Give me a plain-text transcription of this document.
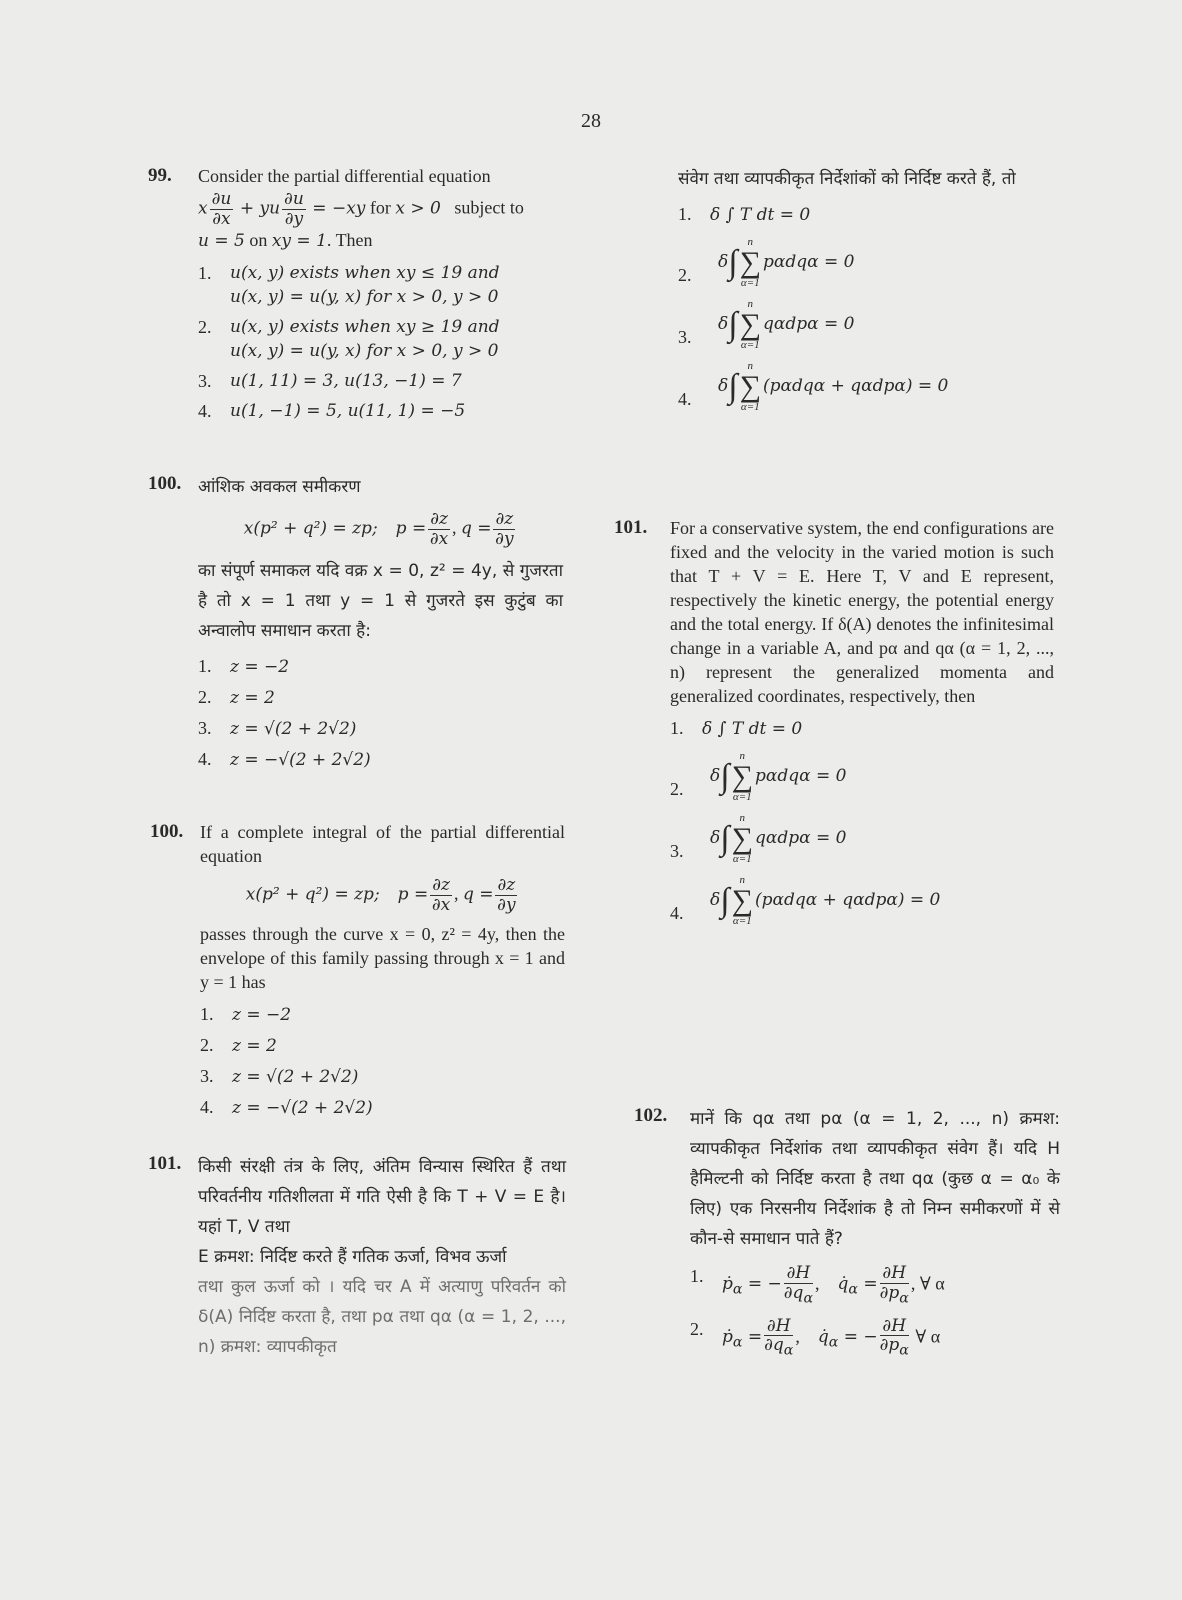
28
99. Consider the partial differential equation
x $\frac{\partial u}{\partial x}$ + yu $\frac{\partial u}{\partial y} = -xy$ for x > 0 subject to
u = 5 on xy = 1. Then
1. u(x, y) exists when xy ≤ 19 and
u(x, y) = u(y, x) for x > 0, y > 0
2. u(x, y) exists when xy ≥ 19 and
u(x, y) = u(y, x) for x > 0, y > 0
3. u(1, 11) = 3, u(13, −1) = 7
4. u(1, −1) = 5, u(11, 1) = −5
100. आंशिक अवकल समीकरण
x(p² + q²) = zp; $p = \frac{\partial z}{\partial x}$ , $q = \frac{\partial z}{\partial y}$
का संपूर्ण समाकल यदि वक्र x = 0, z² = 4y, से गुजरता है तो x = 1 तथा y = 1 से गुजरते इस कुटुंब का अन्वालोप समाधान करता है:
1. z = −2
2. z = 2
3. z = √(2 + 2√2)
4. z = −√(2 + 2√2)
100. If a complete integral of the partial differential equation
x(p² + q²) = zp; $p = \frac{\partial z}{\partial x}$ , $q = \frac{\partial z}{\partial y}$
passes through the curve x = 0, z² = 4y, then the envelope of this family passing through x = 1 and y = 1 has
1. z = −2
2. z = 2
3. z = √(2 + 2√2)
4. z = −√(2 + 2√2)
101. किसी संरक्षी तंत्र के लिए, अंतिम विन्यास स्थिरित हैं तथा परिवर्तनीय गतिशीलता में गति ऐसी है कि T + V = E है। यहां T, V तथा
E क्रमश: निर्दिष्ट करते हैं गतिक ऊर्जा, विभव ऊर्जा
तथा कुल ऊर्जा को । यदि चर A में अत्याणु परिवर्तन को δ(A) निर्दिष्ट करता है, तथा pα तथा qα (α = 1, 2, ..., n) क्रमश: व्यापकीकृत
संवेग तथा व्यापकीकृत निर्देशांकों को निर्दिष्ट करते हैं, तो
1. δ ∫ T dt = 0
2.
δ∫
n
∑
α=1
pαdqα = 0
3.
δ∫
n
∑
α=1
qαdpα = 0
4.
δ∫
n
∑
α=1
(pαdqα + qαdpα) = 0
101. For a conservative system, the end configurations are fixed and the velocity in the varied motion is such that T + V = E. Here T, V and E represent, respectively the kinetic energy, the potential energy and the total energy. If δ(A) denotes the infinitesimal change in a variable A, and pα and qα (α = 1, 2, ..., n) represent the generalized momenta and generalized coordinates, respectively, then
1. δ ∫ T dt = 0
2.
δ∫
n
∑
α=1
pαdqα = 0
3.
δ∫
n
∑
α=1
qαdpα = 0
4.
δ∫
n
∑
α=1
(pαdqα + qαdpα) = 0
102. मानें कि qα तथा pα (α = 1, 2, ..., n) क्रमश: व्यापकीकृत निर्देशांक तथा व्यापकीकृत संवेग हैं। यदि H हैमिल्टनी को निर्दिष्ट करता है तथा qα (कुछ α = α₀ के लिए) एक निरसनीय निर्देशांक है तो निम्न समीकरणों में से कौन-से समाधान पाते हैं?
1. ṗ$_\alpha$ = − $\frac{\partial H}{\partial q_\alpha}$ ,    $q̇_\alpha = \frac{\partial H}{\partial p_\alpha}$ , ∀ α
2. ṗ$_\alpha$ = $\frac{\partial H}{\partial q_\alpha}$ ,    $q̇_\alpha$ = − $\frac{\partial H}{\partial p_\alpha}$ ∀ α
